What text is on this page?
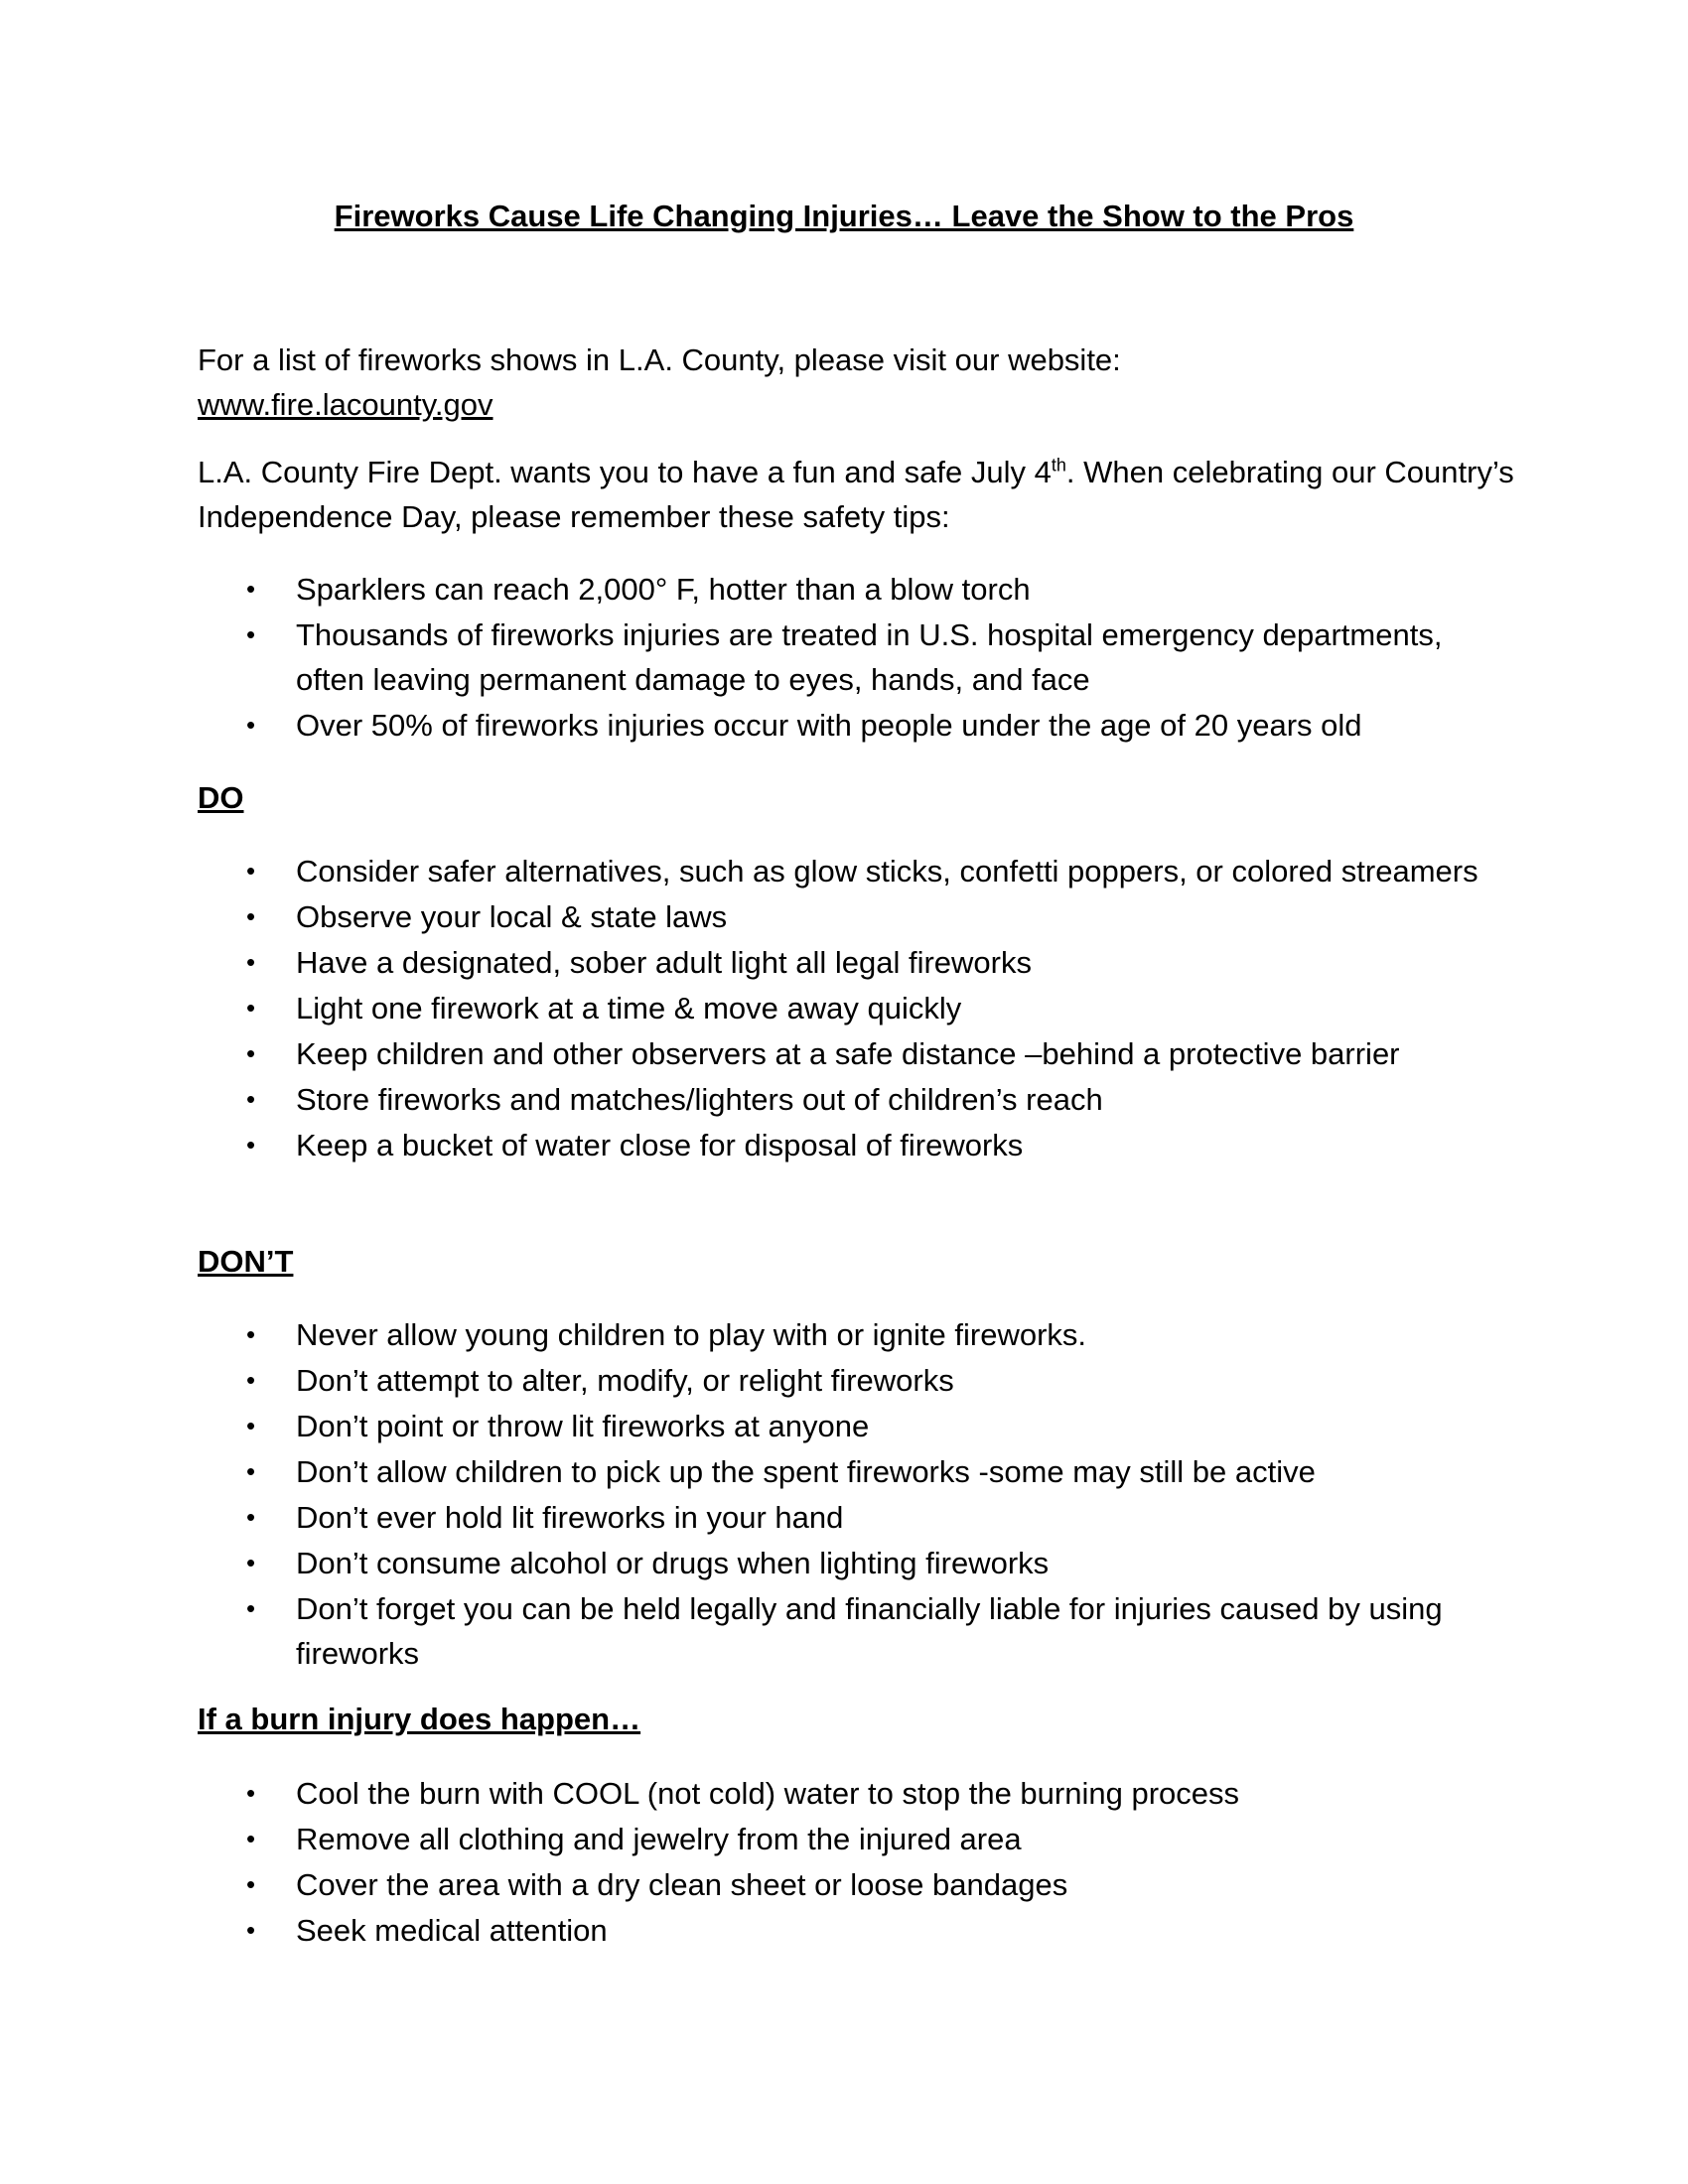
Fireworks Cause Life Changing Injuries… Leave the Show to the Pros
For a list of fireworks shows in L.A. County, please visit our website:
www.fire.lacounty.gov
L.A. County Fire Dept. wants you to have a fun and safe July 4th. When celebrating our Country’s Independence Day, please remember these safety tips:
• Sparklers can reach 2,000° F, hotter than a blow torch
• Thousands of fireworks injuries are treated in U.S. hospital emergency departments, often leaving permanent damage to eyes, hands, and face
• Over 50% of fireworks injuries occur with people under the age of 20 years old
DO
• Consider safer alternatives, such as glow sticks, confetti poppers, or colored streamers
• Observe your local & state laws
• Have a designated, sober adult light all legal fireworks
• Light one firework at a time & move away quickly
• Keep children and other observers at a safe distance –behind a protective barrier
• Store fireworks and matches/lighters out of children’s reach
• Keep a bucket of water close for disposal of fireworks
DON’T
• Never allow young children to play with or ignite fireworks.
• Don’t attempt to alter, modify, or relight fireworks
• Don’t point or throw lit fireworks at anyone
• Don’t allow children to pick up the spent fireworks -some may still be active
• Don’t ever hold lit fireworks in your hand
• Don’t consume alcohol or drugs when lighting fireworks
• Don’t forget you can be held legally and financially liable for injuries caused by using fireworks
If a burn injury does happen…
• Cool the burn with COOL (not cold) water to stop the burning process
• Remove all clothing and jewelry from the injured area
• Cover the area with a dry clean sheet or loose bandages
• Seek medical attention
